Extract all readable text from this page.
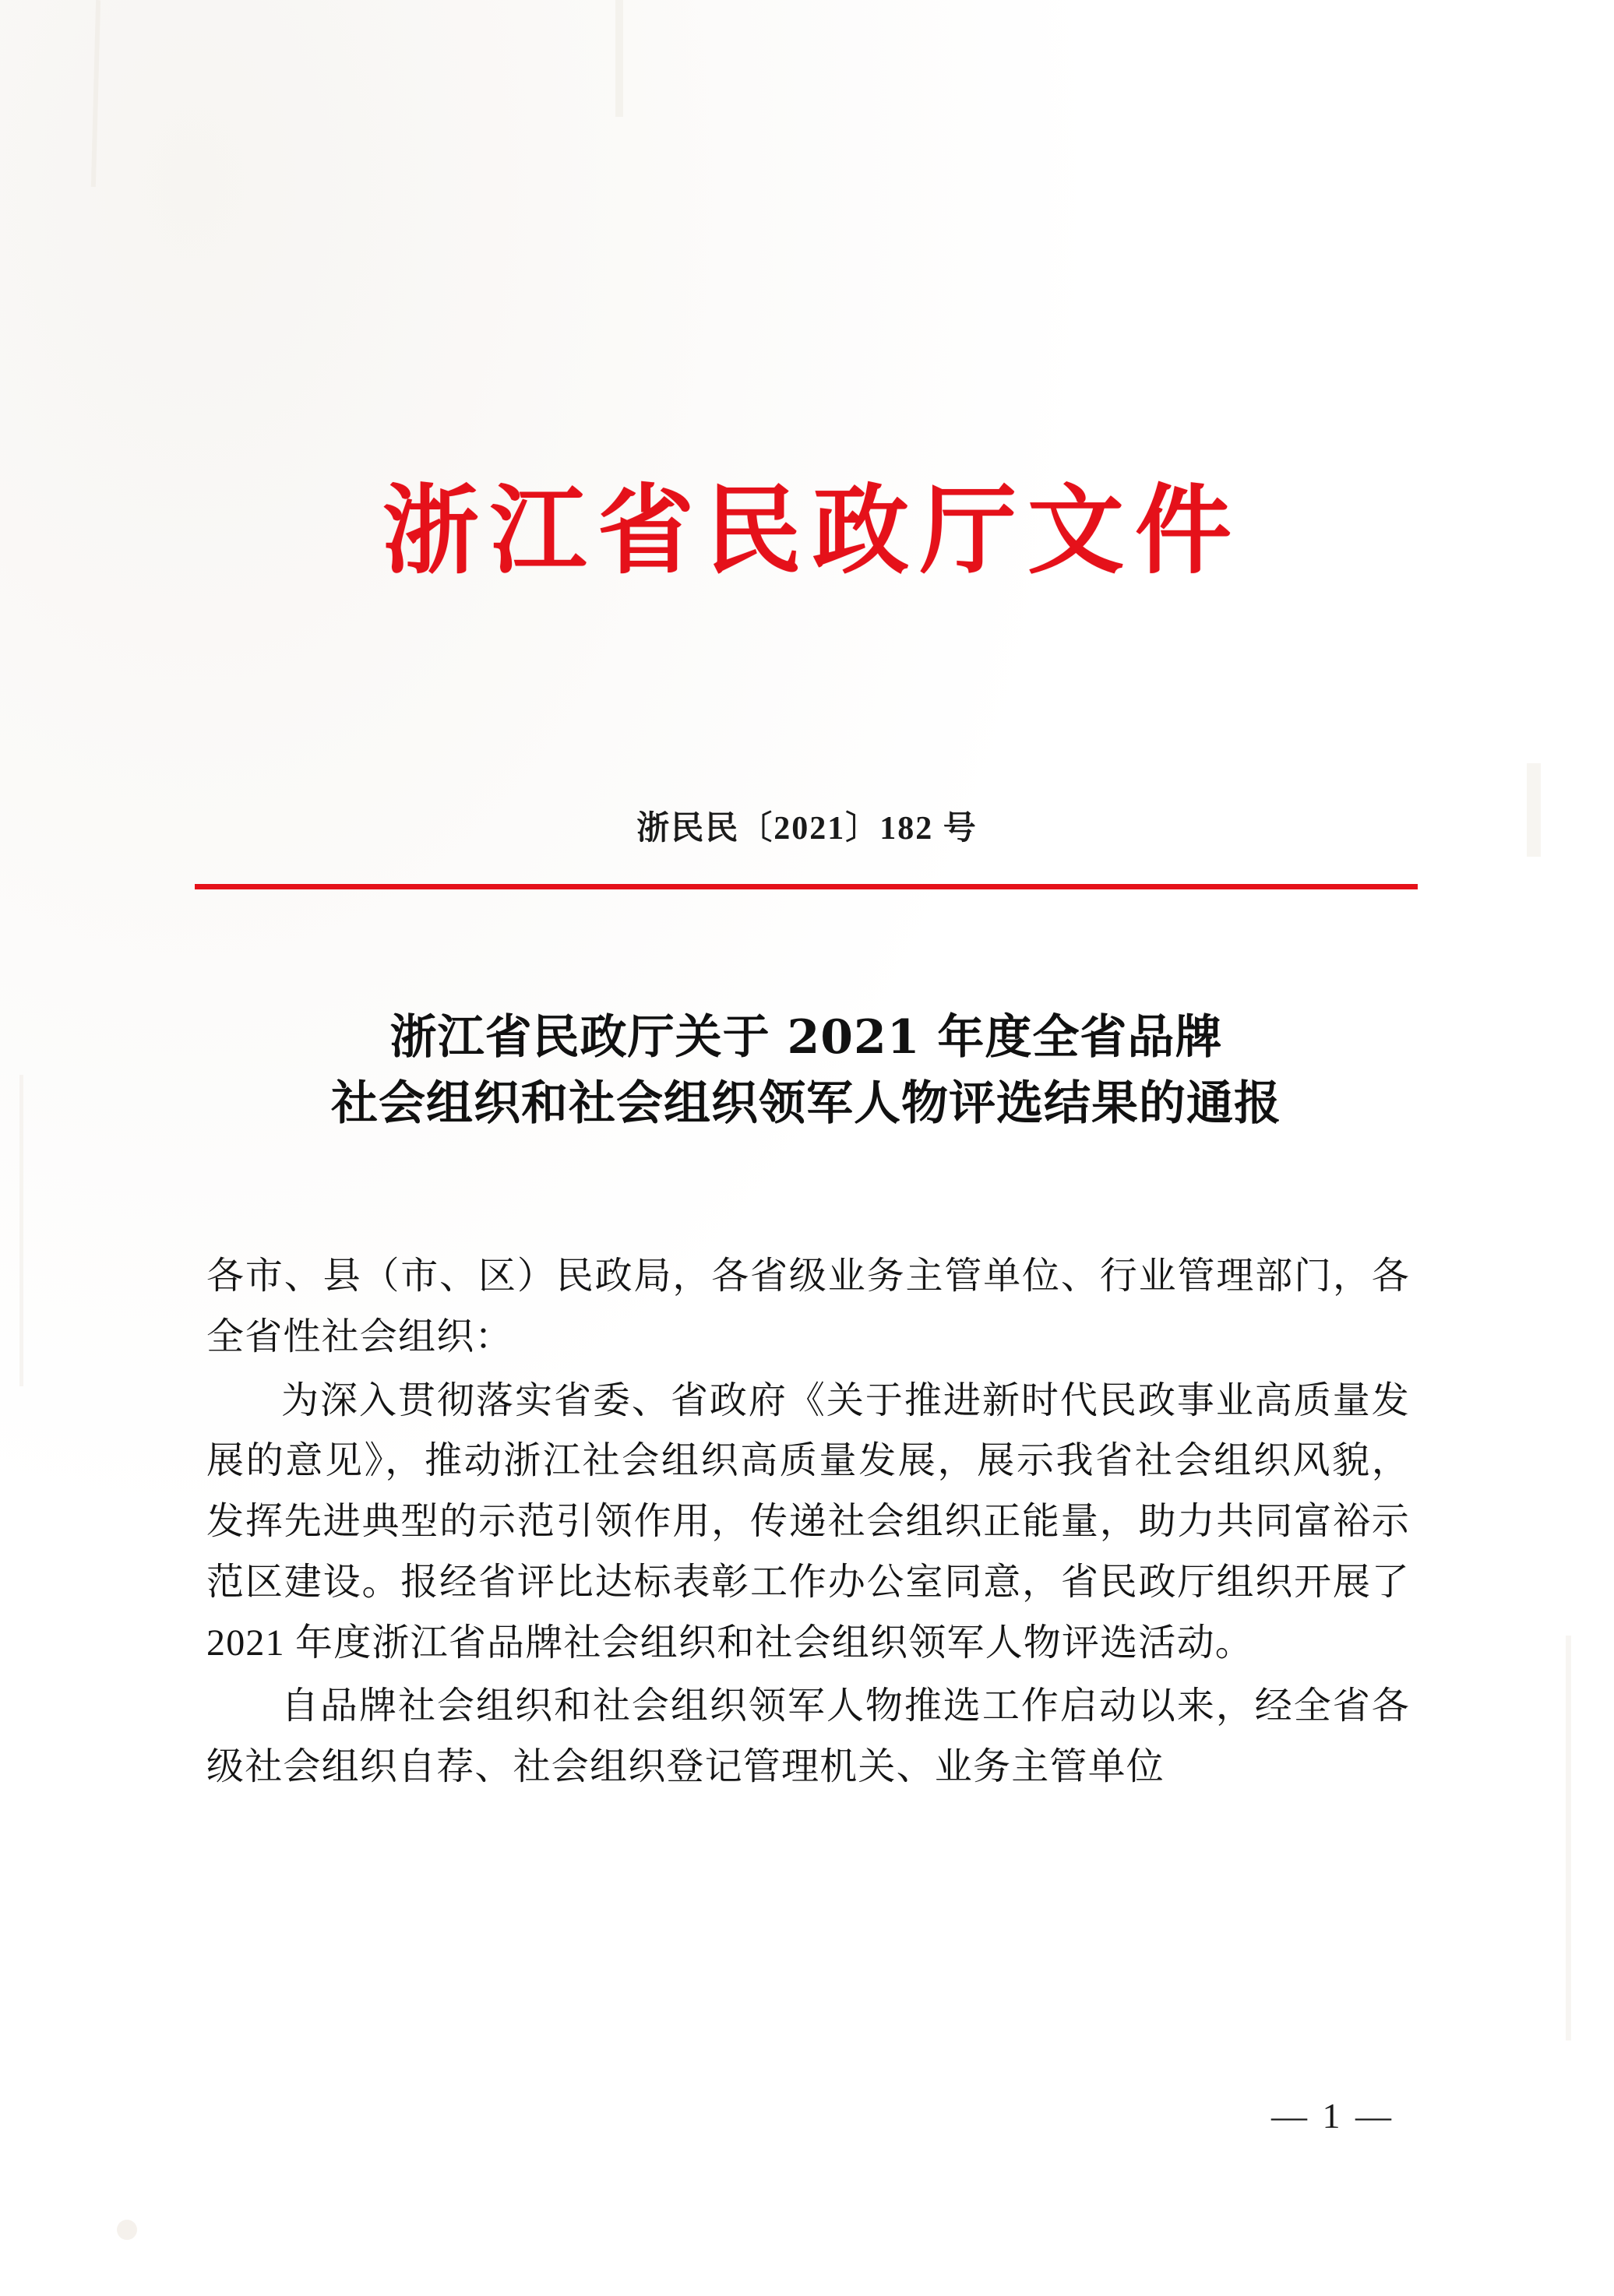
浙江省民政厅文件
浙民民〔2021〕182 号
浙江省民政厅关于 2021 年度全省品牌
社会组织和社会组织领军人物评选结果的通报

各市、县（市、区）民政局，各省级业务主管单位、行业管理部门，各全省性社会组织：

为深入贯彻落实省委、省政府《关于推进新时代民政事业高质量发展的意见》，推动浙江社会组织高质量发展，展示我省社会组织风貌，发挥先进典型的示范引领作用，传递社会组织正能量，助力共同富裕示范区建设。报经省评比达标表彰工作办公室同意，省民政厅组织开展了 2021 年度浙江省品牌社会组织和社会组织领军人物评选活动。

自品牌社会组织和社会组织领军人物推选工作启动以来，经全省各级社会组织自荐、社会组织登记管理机关、业务主管单位

— 1 —
